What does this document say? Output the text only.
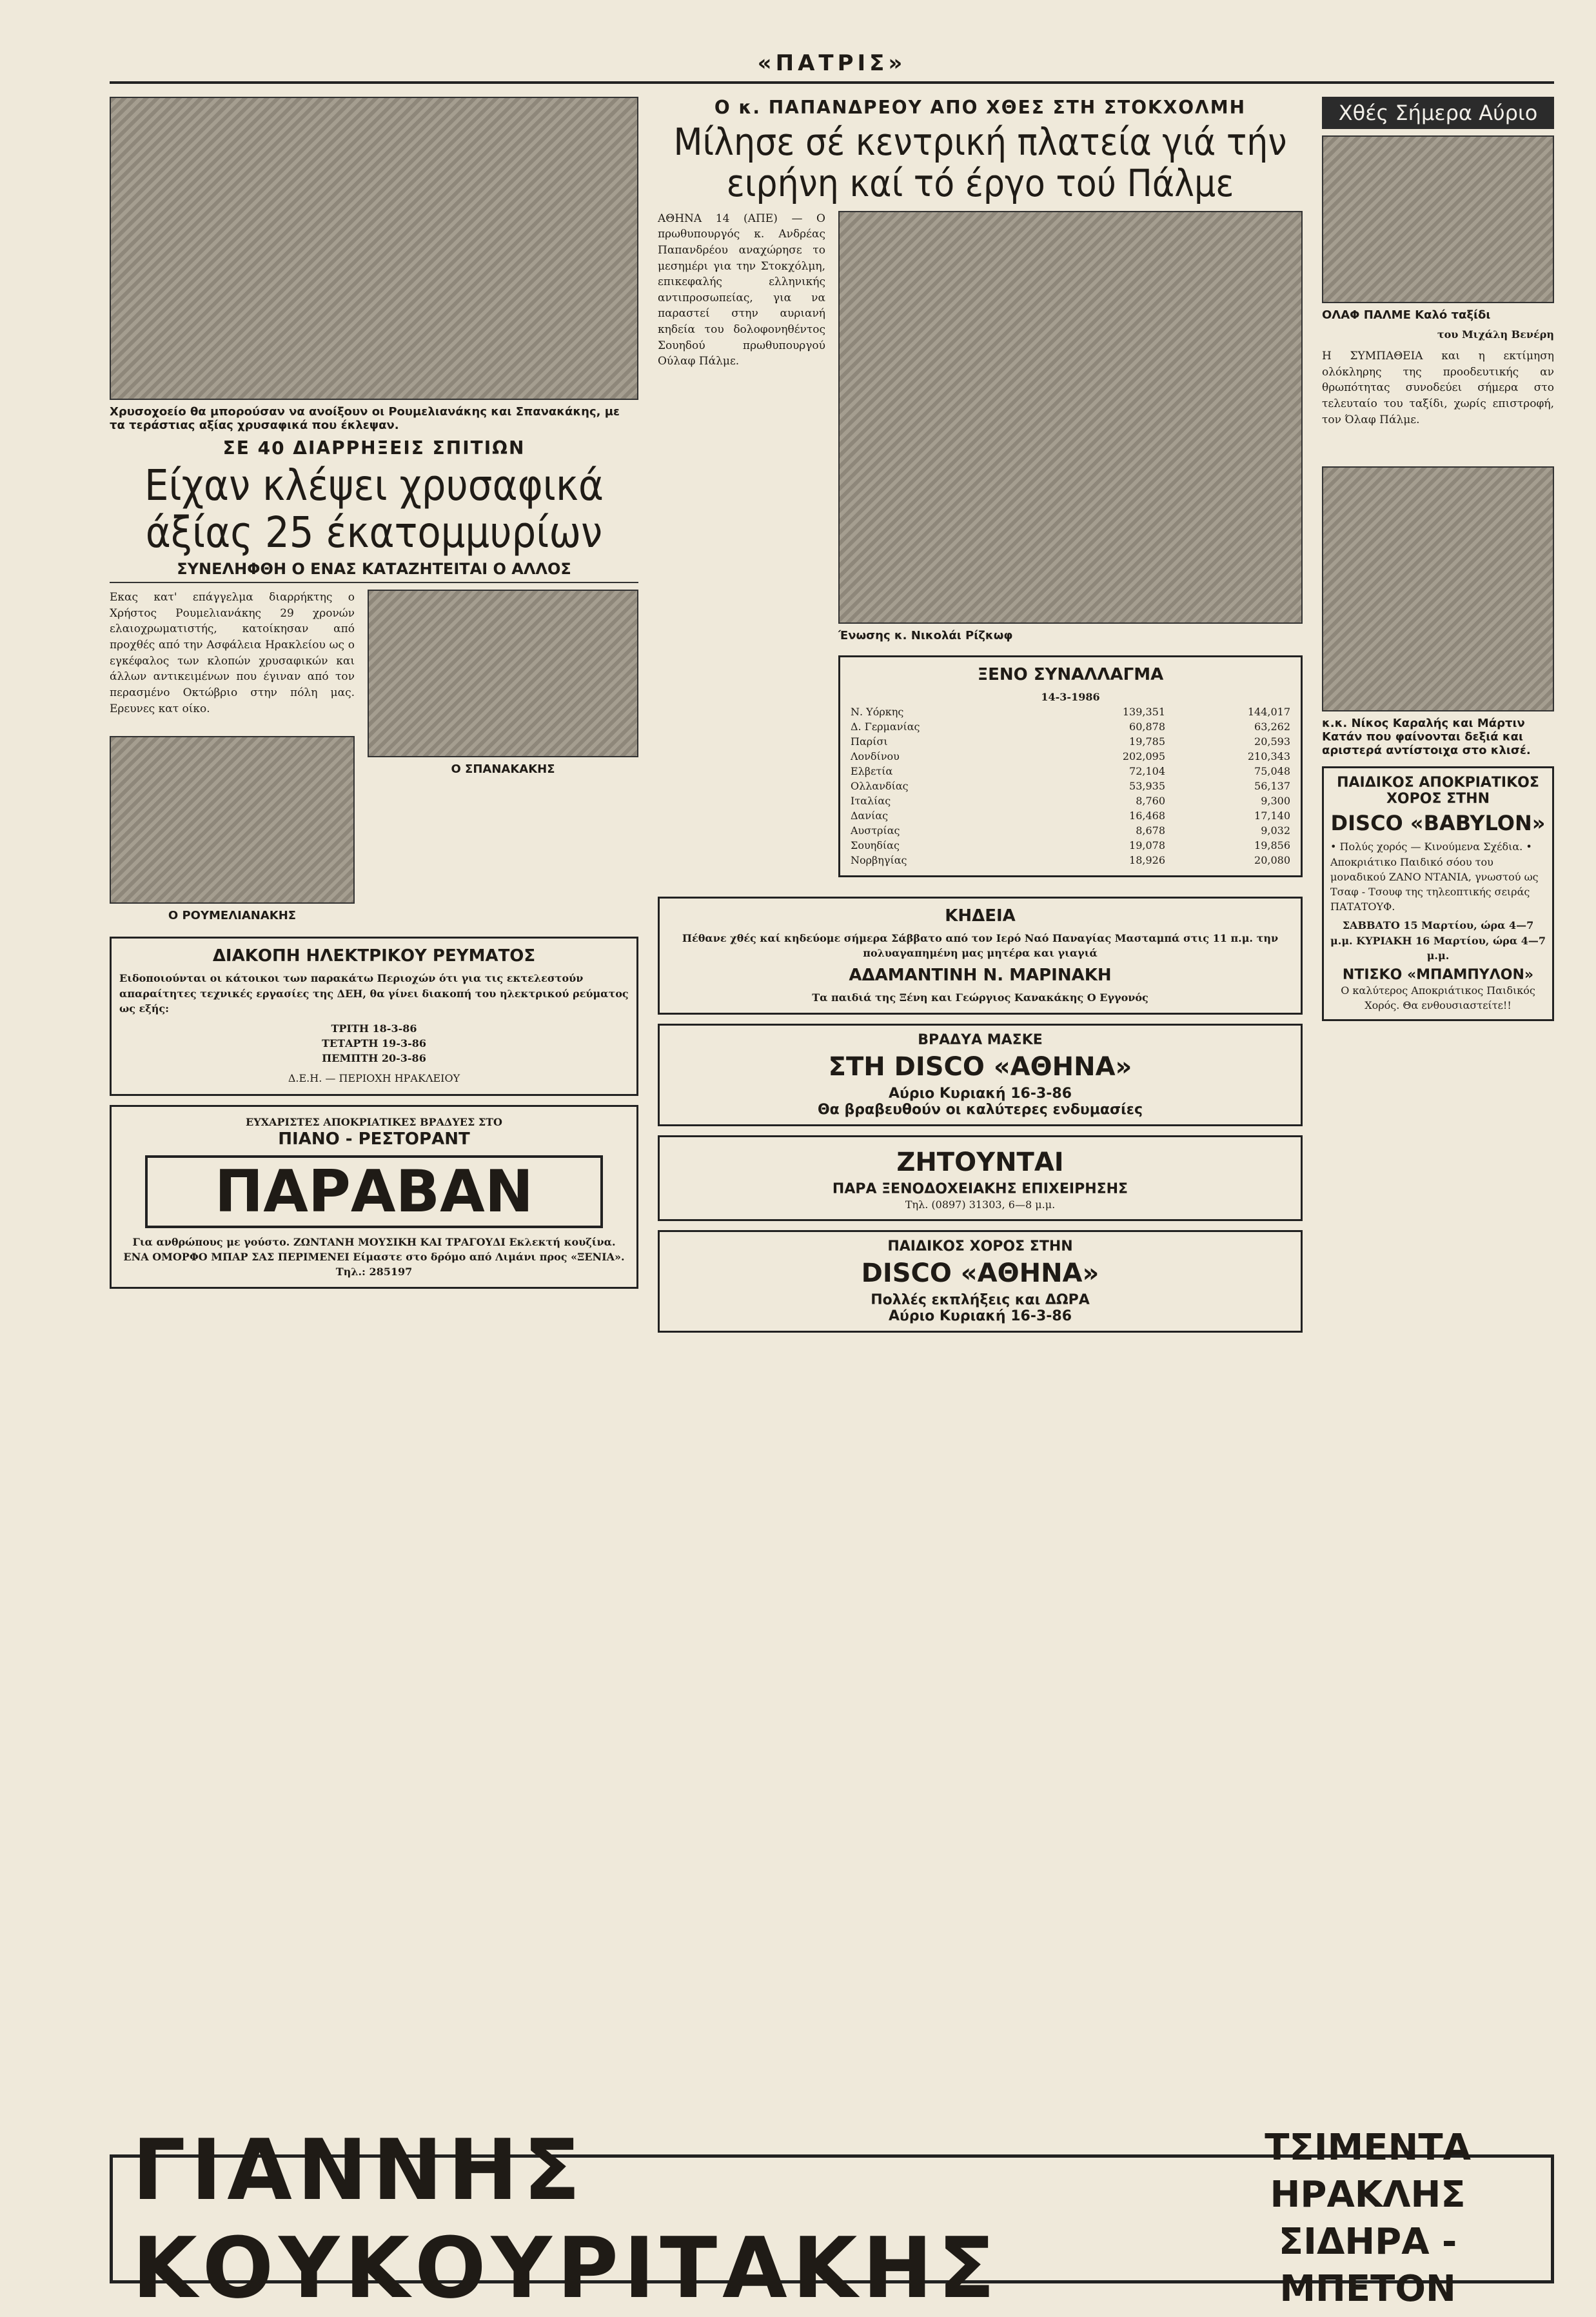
«ΠΑΤΡΙΣ»
Χρυσοχοείο θα μπορούσαν να ανοίξουν οι Ρουμελιανάκης και Σπανακάκης, με τα τεράστιας αξίας χρυσαφικά που έκλεψαν.
ΣΕ 40 ΔΙΑΡΡΗΞΕΙΣ ΣΠΙΤΙΩΝ
Είχαν κλέψει χρυσαφικά άξίας 25 έκατομμυρίων
ΣΥΝΕΛΗΦΘΗ Ο ΕΝΑΣ ΚΑΤΑΖΗΤΕΙΤΑΙ Ο ΑΛΛΟΣ
Εκας κατ' επάγγελμα διαρρήκτης ο Χρήστος Ρουμελιανάκης 29 χρονών ελαιοχρωματιστής, κατοίκησαν από προχθές από την Ασφάλεια Ηρακλείου ως ο εγκέφαλος των κλοπών χρυσαφικών και άλλων αντικειμένων που έγιναν από τον περασμένο Οκτώβριο στην πόλη μας. Ερευνες κατ οίκο.
Ο ΡΟΥΜΕΛΙΑΝΑΚΗΣ
Ο ΣΠΑΝΑΚΑΚΗΣ
ΔΙΑΚΟΠΗ ΗΛΕΚΤΡΙΚΟΥ ΡΕΥΜΑΤΟΣ
Ειδοποιούνται οι κάτοικοι των παρακάτω Περιοχών ότι για τις εκτελεστούν απαραίτητες τεχνικές εργασίες της ΔΕΗ, θα γίνει διακοπή του ηλεκτρικού ρεύματος ως εξής:
ΤΡΙΤΗ 18-3-86
ΤΕΤΑΡΤΗ 19-3-86
ΠΕΜΠΤΗ 20-3-86
Δ.Ε.Η. — ΠΕΡΙΟΧΗ ΗΡΑΚΛΕΙΟΥ
ΕΥΧΑΡΙΣΤΕΣ ΑΠΟΚΡΙΑΤΙΚΕΣ ΒΡΑΔΥΕΣ ΣΤΟ
ΠΙΑΝΟ - ΡΕΣΤΟΡΑΝΤ
ΠΑΡΑΒΑΝ
Για ανθρώπους με γούστο. ΖΩΝΤΑΝΗ ΜΟΥΣΙΚΗ ΚΑΙ ΤΡΑΓΟΥΔΙ Εκλεκτή κουζίνα. ΕΝΑ ΟΜΟΡΦΟ ΜΠΑΡ ΣΑΣ ΠΕΡΙΜΕΝΕΙ Είμαστε στο δρόμο από Λιμάνι προς «ΞΕΝΙΑ».
Τηλ.: 285197
Ο κ. ΠΑΠΑΝΔΡΕΟΥ ΑΠΟ ΧΘΕΣ ΣΤΗ ΣΤΟΚΧΟΛΜΗ
Μίλησε σέ κεντρική πλατεία γιά τήν ειρήνη καί τό έργο τού Πάλμε
ΑΘΗΝΑ 14 (ΑΠΕ) — Ο πρωθυπουργός κ. Ανδρέας Παπανδρέου αναχώρησε το μεσημέρι για την Στοκχόλμη, επικεφαλής ελληνικής αντιπροσωπείας, για να παραστεί στην αυριανή κηδεία του δολοφονηθέντος Σουηδού πρωθυπουργού Ούλαφ Πάλμε.
Ένωσης κ. Νικολάι Ρίζκωφ
ΞΕΝΟ ΣΥΝΑΛΛΑΓΜΑ
14-3-1986
Ν. Υόρκης	139,351	144,017
Δ. Γερμανίας	60,878	63,262
Παρίσι	19,785	20,593
Λονδίνου	202,095	210,343
Ελβετία	72,104	75,048
Ολλανδίας	53,935	56,137
Ιταλίας	8,760	9,300
Δανίας	16,468	17,140
Αυστρίας	8,678	9,032
Σουηδίας	19,078	19,856
Νορβηγίας	18,926	20,080
ΚΗΔΕΙΑ
Πέθανε χθές καί κηδεύομε σήμερα Σάββατο από τον Ιερό Ναό Παναγίας Μασταμπά στις 11 π.μ. την πολυαγαπημένη μας μητέρα και γιαγιά
ΑΔΑΜΑΝΤΙΝΗ Ν. ΜΑΡΙΝΑΚΗ
Τα παιδιά της Ξένη και Γεώργιος Κανακάκης Ο Εγγονός
ΒΡΑΔΥΑ ΜΑΣΚΕ
ΣΤΗ DISCO «ΑΘΗΝΑ»
Αύριο Κυριακή 16-3-86
Θα βραβευθούν οι καλύτερες ενδυμασίες
ΖΗΤΟΥΝΤΑΙ
ΠΑΡΑ ΞΕΝΟΔΟΧΕΙΑΚΗΣ ΕΠΙΧΕΙΡΗΣΗΣ
Τηλ. (0897) 31303, 6—8 μ.μ.
ΠΑΙΔΙΚΟΣ ΧΟΡΟΣ ΣΤΗΝ
DISCO «ΑΘΗΝΑ»
Πολλές εκπλήξεις και ΔΩΡΑ
Αύριο Κυριακή 16-3-86
Χθές Σήμερα Αύριο
ΟΛΑΦ ΠΑΛΜΕ Καλό ταξίδι
του Μιχάλη Βενέρη
Η ΣΥΜΠΑΘΕΙΑ και η εκτίμηση ολόκληρης της προοδευτικής αν θρωπότητας συνοδεύει σήμερα στο τελευταίο του ταξίδι, χωρίς επιστροφή, τον Όλαφ Πάλμε.
κ.κ. Νίκος Καραλής και Μάρτιν Κατάν που φαίνονται δεξιά και αριστερά αντίστοιχα στο κλισέ.
ΠΑΙΔΙΚΟΣ ΑΠΟΚΡΙΑΤΙΚΟΣ ΧΟΡΟΣ ΣΤΗΝ
DISCO «BABYLON»
• Πολύς χορός — Κινούμενα Σχέδια. • Αποκριάτικο Παιδικό σόου του μοναδικού ΖΑΝΟ ΝΤΑΝΙΑ, γνωστού ως Τσαφ - Τσουφ της τηλεοπτικής σειράς ΠΑΤΑΤΟΥΦ.
ΣΑΒΒΑΤΟ 15 Μαρτίου, ώρα 4—7 μ.μ. ΚΥΡΙΑΚΗ 16 Μαρτίου, ώρα 4—7 μ.μ.
ΝΤΙΣΚΟ «ΜΠΑΜΠΥΛΟΝ»
Ο καλύτερος Αποκριάτικος Παιδικός Χορός. Θα ενθουσιαστείτε!!
ΓΙΑΝΝΗΣ ΚΟΥΚΟΥΡΙΤΑΚΗΣ
ΤΣΙΜΕΝΤΑ ΗΡΑΚΛΗΣ
ΣΙΔΗΡΑ - ΜΠΕΤΟΝ
